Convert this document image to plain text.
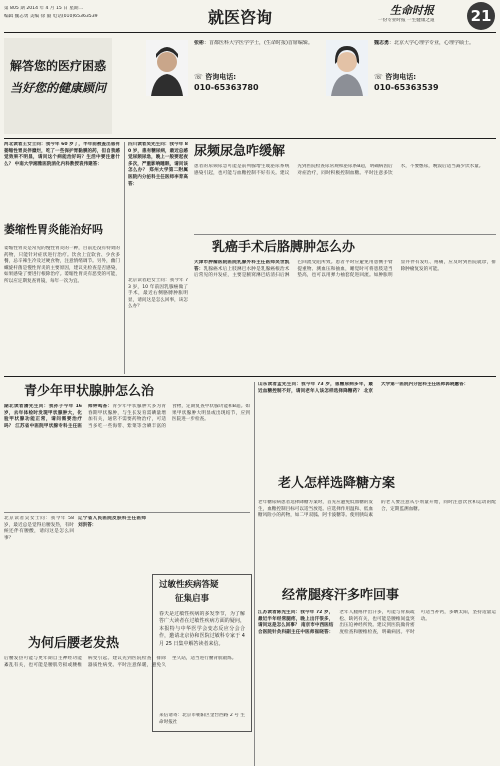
第 805 期 2014 年 4 月 15 日 星期二
编辑 魏志勇 美编 徐 毅 电话(010)65363539	就医咨询	生命时报
一份专业时报 一生健康之道	21
解答您的医疗困惑
当好您的健康顾问
张彬：首都医科大学医学学士，(生命时报)首席编辑。
☏ 咨询电话:
010-65363780
魏志勇：北京大学心理学专业，心理学硕士。
☏ 咨询电话:
010-65363539
河北读者王女士问：我今年 60 岁了，半年前被查出患有萎缩性胃炎伴糜烂，吃了一些保护胃黏膜的药，但自我感觉效果不明显，请问这个病能治好吗？生活中要注意什么？ 中南大学湘雅医院消化内科教授袁伟建答：
萎缩性胃炎能治好吗
萎缩性胃炎是常见的慢性胃炎的一种，目前还没有特效的药物，只能针对症状进行治疗。饮食上宜软食、少食多餐，忌辛辣生冷及过硬食物，注意情绪调节。另外，幽门螺旋杆菌是慢性胃炎的主要原因，建议先检查是否感染，如果感染了要进行根除治疗。萎缩性胃炎有恶变的可能，所以应定期复查胃镜，每年一次为宜。
四川读者吴先生问：我今年 80 岁，患有糖尿病，最近总感觉尿频尿急，晚上一般要起夜多次，严重影响睡眠，请问该怎么办？ 郑州大学第二附属医院内分泌科主任医师李育高答：
尿频尿急咋缓解
患者的尿频尿急可能是前列腺增生或泌尿系统感染引起，也可能与血糖控制不好有关。建议先到医院检查尿常规和泌尿系B超，明确病因后对症治疗，同时积极控制血糖。平时注意多饮水，不要憋尿，晚饭后适当减少饮水量。
乳癌手术后胳膊肿怎么办
北京读者赵女士问：我今年 73 岁，10 年前因乳腺癌做了手术，最近右侧胳膊肿胀明显，请问这是怎么回事，该怎么办？
天津市肿瘤医院医院乳腺外科主任医师吴世凯答：乳腺癌术后上肢淋巴水肿是乳腺癌根治术后常见的并发症，主要是腋窝淋巴结清扫后淋巴回流受阻所致。患者平时应避免用患侧手臂提重物、测血压和抽血，睡觉时可将患肢适当垫高，也可以用弹力袖套促进回流。如肿胀明显并伴有发红、疼痛，应及时到医院就诊，排除肿瘤复发的可能。
青少年甲状腺肿怎么治
湖北读者潘先生问：我孙子今年 16 岁，去年体检时发现甲状腺肿大，化验甲状腺功能正常，请问需要治疗吗？ 江苏省中医院甲状腺专科主任医师钟鸣答：青少年甲状腺肿大多为青春期甲状腺肿，与生长发育需碘量增加有关，通常不需要药物治疗，可适当多吃一些海带、紫菜等含碘丰富的食物，定期复查甲状腺功能和B超。如果甲状腺肿大明显或出现结节，应到医院进一步检查。
山东读者孟先生问：我今年 73 岁，患糖尿病多年，最近血糖控制不好，请问老年人该怎样选择降糖药？ 北京大学第一医院内分泌科主任医师郭晓蕙答：
老人怎样选降糖方案
老年糖尿病患者选择降糖方案时，首先应避免低血糖的发生，血糖控制目标可以适当放宽。应选择作用温和、低血糖风险小的药物，如二甲双胍、阿卡波糖等。使用胰岛素的老人要注意从小剂量开始，同时注意饮食和运动的配合，定期监测血糖。
北京读者吴女士问：我今年 58 岁，最近总是觉得后腰发热，有时候还伴有腰酸，请问这是怎么回事？
辽宁省人民医院皮肤科主任医师刘洪答：
为何后腰老发热
后腰发热可能与更年期自主神经功能紊乱有关，也可能是腰肌劳损或腰椎病变引起。建议先到医院检查，排除器质性病变。平时注意保暖，避免久坐久站，适当进行腰背肌锻炼。
过敏性疾病答疑
征集启事
春天是过敏性疾病的多发季节，为了解答广大读者在过敏性疾病方面的疑问，本报特与中华医学会变态反应分会合作，邀请北京协和医院过敏科专家于 4 月 25 日集中解答读者来信。
来信请寄：北京市朝阳区金台西路 2 号 生命时报社
经常腿疼汗多咋回事
江苏读者陈先生问：我今年 72 岁，最近半年经常腿疼，晚上出汗很多，请问这是怎么回事？ 南京市中西医结合医院针灸科副主任中医师崔晓答：老年人腿疼伴出汗多，可能与骨质疏松、缺钙有关，也可能是腰椎间盘突出压迫神经所致。建议到医院做骨密度检查和腰椎检查，明确病因。平时可适当补钙，多晒太阳，坚持适量运动。
